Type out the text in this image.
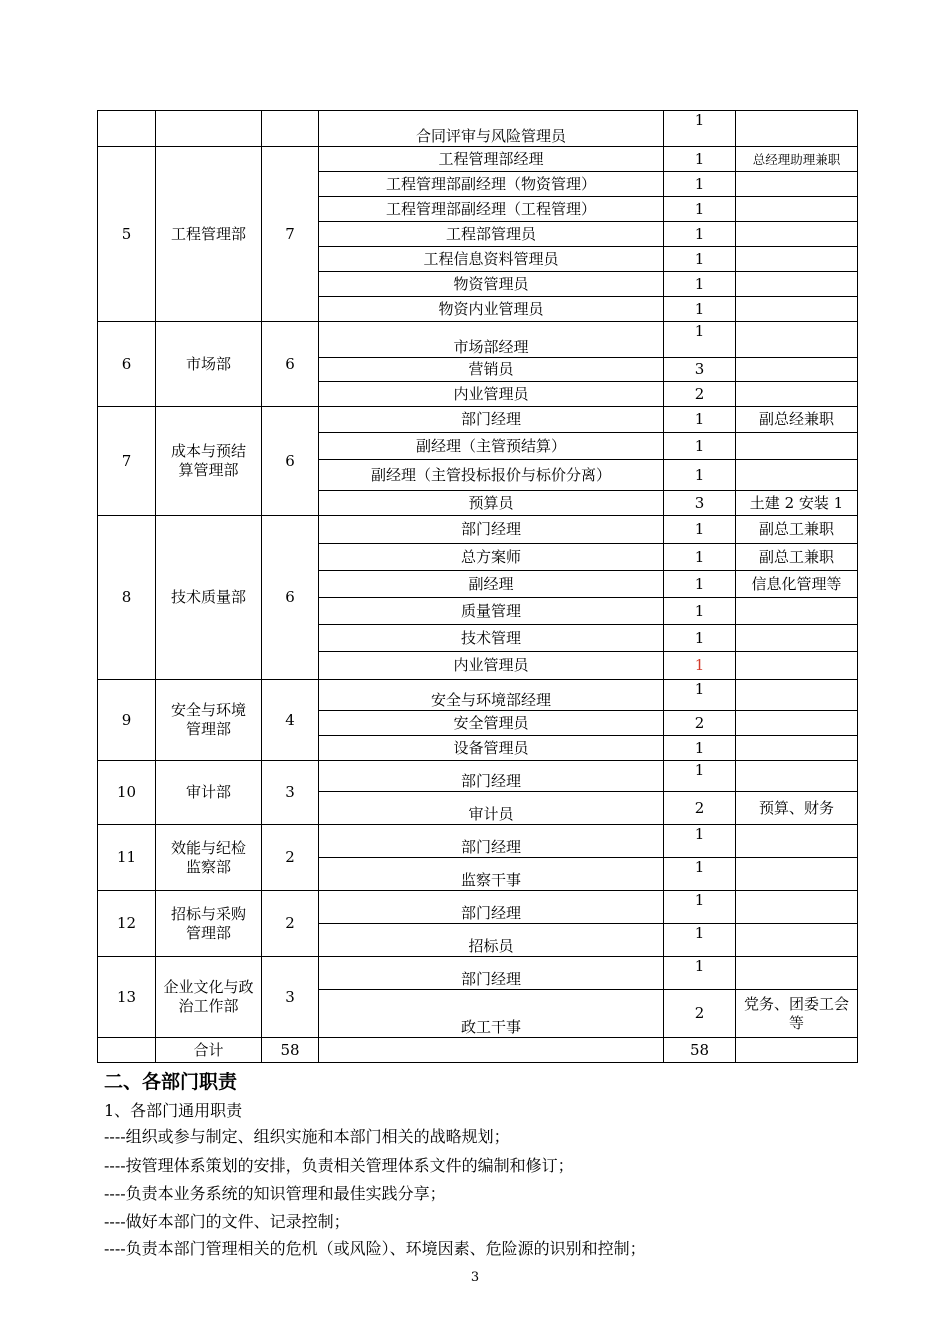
			合同评审与风险管理员	1	
5	工程管理部	7	工程管理部经理	1	总经理助理兼职
			工程管理部副经理（物资管理）	1	
			工程管理部副经理（工程管理）	1	
			工程部管理员	1	
			工程信息资料管理员	1	
			物资管理员	1	
			物资内业管理员	1	
6	市场部	6	市场部经理	1	
			营销员	3	
			内业管理员	2	
7	成本与预结算管理部	6	部门经理	1	副总经兼职
			副经理（主管预结算）	1	
			副经理（主管投标报价与标价分离）	1	
			预算员	3	土建 2 安装 1
8	技术质量部	6	部门经理	1	副总工兼职
			总方案师	1	副总工兼职
			副经理	1	信息化管理等
			质量管理	1	
			技术管理	1	
			内业管理员	1	
9	安全与环境管理部	4	安全与环境部经理	1	
			安全管理员	2	
			设备管理员	1	
10	审计部	3	部门经理	1	
			审计员	2	预算、财务
11	效能与纪检监察部	2	部门经理	1	
			监察干事	1	
12	招标与采购管理部	2	部门经理	1	
			招标员	1	
13	企业文化与政治工作部	3	部门经理	1	
			政工干事	2	党务、团委工会等
	合计	58		58	
二、各部门职责
1、各部门通用职责
----组织或参与制定、组织实施和本部门相关的战略规划；
----按管理体系策划的安排，负责相关管理体系文件的编制和修订；
----负责本业务系统的知识管理和最佳实践分享；
----做好本部门的文件、记录控制；
----负责本部门管理相关的危机（或风险）、环境因素、危险源的识别和控制；
3
